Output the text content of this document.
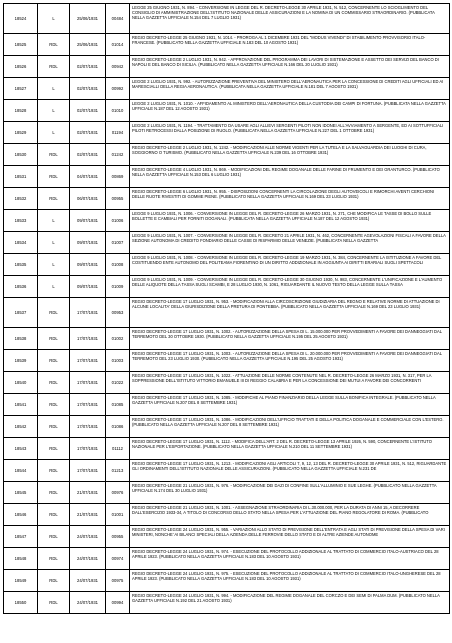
18524	L	25/06/1931	00484	LEGGE 25 GIUGNO 1931, N. 894. - CONVERSIONE IN LEGGE DEL R. DECRETO-LEGGE 30 APRILE 1931, N. 512, CONCERNENTE LO SCIOGLIMENTO DEL CONSIGLIO DI AMMINISTRAZIONE DELL'ISTITUTO NAZIONALE DELLE ASSICURAZIONI E LA NOMINA DI UN COMMISSARIO STRAORDINARIO. (PUBBLICATA NELLA GAZZETTA UFFICIALE N.154 DEL 7 LUGLIO 1931)
18525	RDL	25/06/1931	01014	REGIO DECRETO-LEGGE 25 GIUGNO 1931, N. 1014. - PROROGA AL 1 DICEMBRE 1931 DEL "MODUS VIVENDI" DI STABILIMENTO PROVVISORIO ITALO-FRANCESE. (PUBBLICATO NELLA GAZZETTA UFFICIALE N.183 DEL 10 AGOSTO 1931)
18526	RDL	02/07/1931	00942	REGIO DECRETO-LEGGE 2 LUGLIO 1931, N. 942. - APPROVAZIONE DEL PROGRAMMA DEI LAVORI DI SISTEMAZIONE E ASSETTO DEI SERVIZI DEL BANCO DI NAPOLI E DEL BANCO DI SICILIA. (PUBBLICATO NELLA GAZZETTA UFFICIALE N.166 DEL 20 LUGLIO 1931)
18527	L	02/07/1931	00992	LEGGE 2 LUGLIO 1931, N. 992. - AUTORIZZAZIONE PREVENTIVA DEL MINISTERO DELL'AERONAUTICA PER LA CONCESSIONE DI CREDITI AGLI UFFICIALI ED AI MARESCIALLI DELLA REGIA AERONAUTICA. (PUBBLICATA NELLA GAZZETTA UFFICIALE N.181 DEL 7 AGOSTO 1931)
18528	L	02/07/1931	01010	LEGGE 2 LUGLIO 1931, N. 1010. - AFFIDAMENTO AL MINISTERO DELL'AERONAUTICA DELLA CUSTODIA DEI CAMPI DI FORTUNA. (PUBBLICATA NELLA GAZZETTA UFFICIALE N.187 DEL 12 AGOSTO 1931)
18529	L	02/07/1931	01194	LEGGE 2 LUGLIO 1931, N. 1194. - TRATTAMENTO DA USARE AGLI ALLIEVI SERGENTI PILOTI NON IDONEI ALL'AVVIAMENTO A SERGENTE, ED AI SOTTUFFICIALI PILOTI RETROCESSI DALLA POSIZIONE DI RUOLO. (PUBBLICATA NELLA GAZZETTA UFFICIALE N.227 DEL 1 OTTOBRE 1931)
18530	RDL	02/07/1931	01242	REGIO DECRETO-LEGGE 2 LUGLIO 1931, N. 1242. - MODIFICAZIONI ALLE NORME VIGENTI PER LA TUTELA E LA SALVAGUARDIA DEI LUOGHI DI CURA, SOGGIORNO O TURISMO. (PUBBLICATO NELLA GAZZETTA UFFICIALE N.239 DEL 16 OTTOBRE 1931)
18531	RDL	04/07/1931	00869	REGIO DECRETO-LEGGE 4 LUGLIO 1931, N. 869. - MODIFICAZIONI DEL REGIME DOGANALE DELLE FARINE DI FRUMENTO E DEI GRANTURCO. (PUBBLICATO NELLA GAZZETTA UFFICIALE N.153 DEL 6 LUGLIO 1931)
18532	RDL	06/07/1931	00955	REGIO DECRETO-LEGGE 6 LUGLIO 1931, N. 955. - DISPOSIZIONI CONCERNENTI LA CIRCOLAZIONE DEGLI AUTOVEICOLI E RIMORCHI AVENTI CERCHIONI DELLE RUOTE RIVESTITI DI GOMME PIENE. (PUBBLICATO NELLA GAZZETTA UFFICIALE N.169 DEL 23 LUGLIO 1931)
18533	L	09/07/1931	01006	LEGGE 9 LUGLIO 1931, N. 1006. - CONVERSIONE IN LEGGE DEL R. DECRETO-LEGGE 26 MARZO 1931, N. 271, CHE MODIFICA LE TASSE DI BOLLO SULLE BOLLETTE E CAMBIALI PER FORNITI DOGANALI. (PUBBLICATA NELLA GAZZETTA UFFICIALE N.187 DEL 12 AGOSTO 1931)
18534	L	09/07/1931	01007	LEGGE 9 LUGLIO 1931, N. 1007. - CONVERSIONE IN LEGGE DEL R. DECRETO 21 APRILE 1931, N. 462, CONCERNENTE AGEVOLAZIONI FISCALI A FAVORE DELLA SEZIONE AUTONOMA DI CREDITO FONDIARIO DELLE CASSE DI RISPARMIO DELLE VENEZIE. (PUBBLICATA NELLA GAZZETTA
18535	L	09/07/1931	01008	LEGGE 9 LUGLIO 1931, N. 1008. - CONVERSIONE IN LEGGE DEL R. DECRETO-LEGGE 19 MARZO 1931, N. 384, CONCERNENTE LA ISTITUZIONE A FAVORE DEL COSTITUENDO ENTE AUTONOMO DEL POLITEAMA FIORENTINO DI UN DIRITTO ADDIZIONALE IN AGGIUNTA AI DIRITTI ERARIALI SUGLI SPETTACOLI
18536	L	09/07/1931	01009	LEGGE 9 LUGLIO 1931, N. 1009. - CONVERSIONE IN LEGGE DEL R. DECRETO-LEGGE 30 GIUGNO 1930, N. 983, CONCERNENTE L'UNIFICAZIONE E L'AUMENTO DELLE ALIQUOTE DELLA TASSA SUGLI SCAMBI, E 28 LUGLIO 1930, N. 1061, RIGUARDANTE IL NUOVO TESTO DELLA LEGGE SULLA TASSA
18537	RDL	17/07/1931	00953	REGIO DECRETO-LEGGE 17 LUGLIO 1931, N. 953. - MODIFICAZIONI ALLA CIRCOSCRIZIONE GIUDIZIARIA DEL REGNO E RELATIVE NORME DI ATTUAZIONE DI ALCUNE LOCALITA' DELLA GIURISDIZIONE DELLA PRETURA DI PONTEBBA. (PUBBLICATO NELLA GAZZETTA UFFICIALE N.169 DEL 23 LUGLIO 1931)
18538	RDL	17/07/1931	01002	REGIO DECRETO-LEGGE 17 LUGLIO 1931, N. 1002. - AUTORIZZAZIONE DELLA SPESA DI L. 15.000.000 PER PROVVEDIMENTI A FAVORE DEI DANNEGGIATI DAL TERREMOTO DEL 30 OTTOBRE 1930. (PUBBLICATO NELLA GAZZETTA UFFICIALE N.195 DEL 25 AGOSTO 1931)
18539	RDL	17/07/1931	01003	REGIO DECRETO-LEGGE 17 LUGLIO 1931, N. 1003. - AUTORIZZAZIONE DELLA SPESA DI L. 20.000.000 PER PROVVEDIMENTI A FAVORE DEI DANNEGGIATI DAL TERREMOTO DEL 23 LUGLIO 1930. (PUBBLICATO NELLA GAZZETTA UFFICIALE N.195 DEL 25 AGOSTO 1931)
18540	RDL	17/07/1931	01022	REGIO DECRETO-LEGGE 17 LUGLIO 1931, N. 1022. - ATTUAZIONE DELLE NORME CONTENUTE NEL R. DECRETO-LEGGE 26 MARZO 1931, N. 317, PER LA SOPPRESSIONE DELL'ISTITUTO VITTORIO EMANUELE III DI REGGIO CALABRIA E PER LA CONCESSIONE DEI MUTUI A FAVORE DEI CONCORRENTI
18541	RDL	17/07/1931	01085	REGIO DECRETO-LEGGE 17 LUGLIO 1931, N. 1085. - MODIFICHE AL PIANO FINANZIARIO DELLA LEGGE SULLA BONIFICA INTEGRALE. (PUBBLICATO NELLA GAZZETTA UFFICIALE N.207 DEL 8 SETTEMBRE 1931)
18542	RDL	17/07/1931	01086	REGIO DECRETO-LEGGE 17 LUGLIO 1931, N. 1086. - MODIFICAZIONI DELL'UFFICIO TRATTATI E DELLA POLITICA DOGANALE E COMMERCIALE CON L'ESTERO. (PUBBLICATO NELLA GAZZETTA UFFICIALE N.207 DEL 8 SETTEMBRE 1931)
18543	RDL	17/07/1931	01112	REGIO DECRETO-LEGGE 17 LUGLIO 1931, N. 1112. - MODIFICA DELL'ART. 2 DEL R. DECRETO-LEGGE 13 APRILE 1926, N. 590, CONCERNENTE L'ISTITUTO NAZIONALE PER L'ESPORTAZIONE. (PUBBLICATO NELLA GAZZETTA UFFICIALE N.210 DEL 11 SETTEMBRE 1931)
18544	RDL	17/07/1931	01213	REGIO DECRETO-LEGGE 17 LUGLIO 1931, N. 1213. - MODIFICAZIONI AGLI ARTICOLI 7, 9, 12, 13 DEL R. DECRETO-LEGGE 30 APRILE 1931, N. 512, RIGUARDANTE GLI ORDINAMENTI DELL'ISTITUTO NAZIONALE DELLE ASSICURAZIONI. (PUBBLICATO NELLA GAZZETTA UFFICIALE N.231 DE
18545	RDL	21/07/1931	00976	REGIO DECRETO-LEGGE 21 LUGLIO 1931, N. 976. - MODIFICAZIONE DEI DAZI DI CONFINE SULL'ALLUMINIO E SUE LEGHE. (PUBBLICATO NELLA GAZZETTA UFFICIALE N.174 DEL 30 LUGLIO 1931)
18546	RDL	21/07/1931	01001	REGIO DECRETO-LEGGE 21 LUGLIO 1931, N. 1001. - ASSEGNAZIONE STRAORDINARIA DI L.30.000.000, PER LA DURATA DI ANNI 15, A DECORRERE DALL'ESERCIZIO 1933-34, A TITOLO DI CONCORSO DELLO STATO NELLA SPESA PER L'ATTUAZIONE DEL PIANO REGOLATORE DI ROMA. (PUBBLICATO
18547	RDL	24/07/1931	00955	REGIO DECRETO-LEGGE 24 LUGLIO 1931, N. 955. - VARIAZIONI ALLO STATO DI PREVISIONE DELL'ENTRATA E AGLI STATI DI PREVISIONE DELLA SPESA DI VARI MINISTERI, NONCHE' AI BILANCI SPECIALI DELLA AZIENDA DELLE FERROVIE DELLO STATO E DI ALTRE AZIENDE AUTONOME
18548	RDL	24/07/1931	00974	REGIO DECRETO-LEGGE 24 LUGLIO 1931, N. 974. - ESECUZIONE DEL PROTOCOLLO ADDIZIONALE AL TRATTATO DI COMMERCIO ITALO-AUSTRIACO DEL 28 APRILE 1923. (PUBBLICATO NELLA GAZZETTA UFFICIALE N.183 DEL 10 AGOSTO 1931)
18549	RDL	24/07/1931	00975	REGIO DECRETO-LEGGE 24 LUGLIO 1931, N. 975. - ESECUZIONE DEL PROTOCOLLO ADDIZIONALE AL TRATTATO DI COMMERCIO ITALO-UNGHERESE DEL 28 APRILE 1923. (PUBBLICATO NELLA GAZZETTA UFFICIALE N.183 DEL 10 AGOSTO 1931)
18550	RDL	24/07/1931	00994	REGIO DECRETO-LEGGE 24 LUGLIO 1931, N. 994. - MODIFICAZIONE DEL REGIME DOGANALE DEL CORCZO E DEI SEMI DI PALMA DUM. (PUBBLICATO NELLA GAZZETTA UFFICIALE N.192 DEL 21 AGOSTO 1931)
